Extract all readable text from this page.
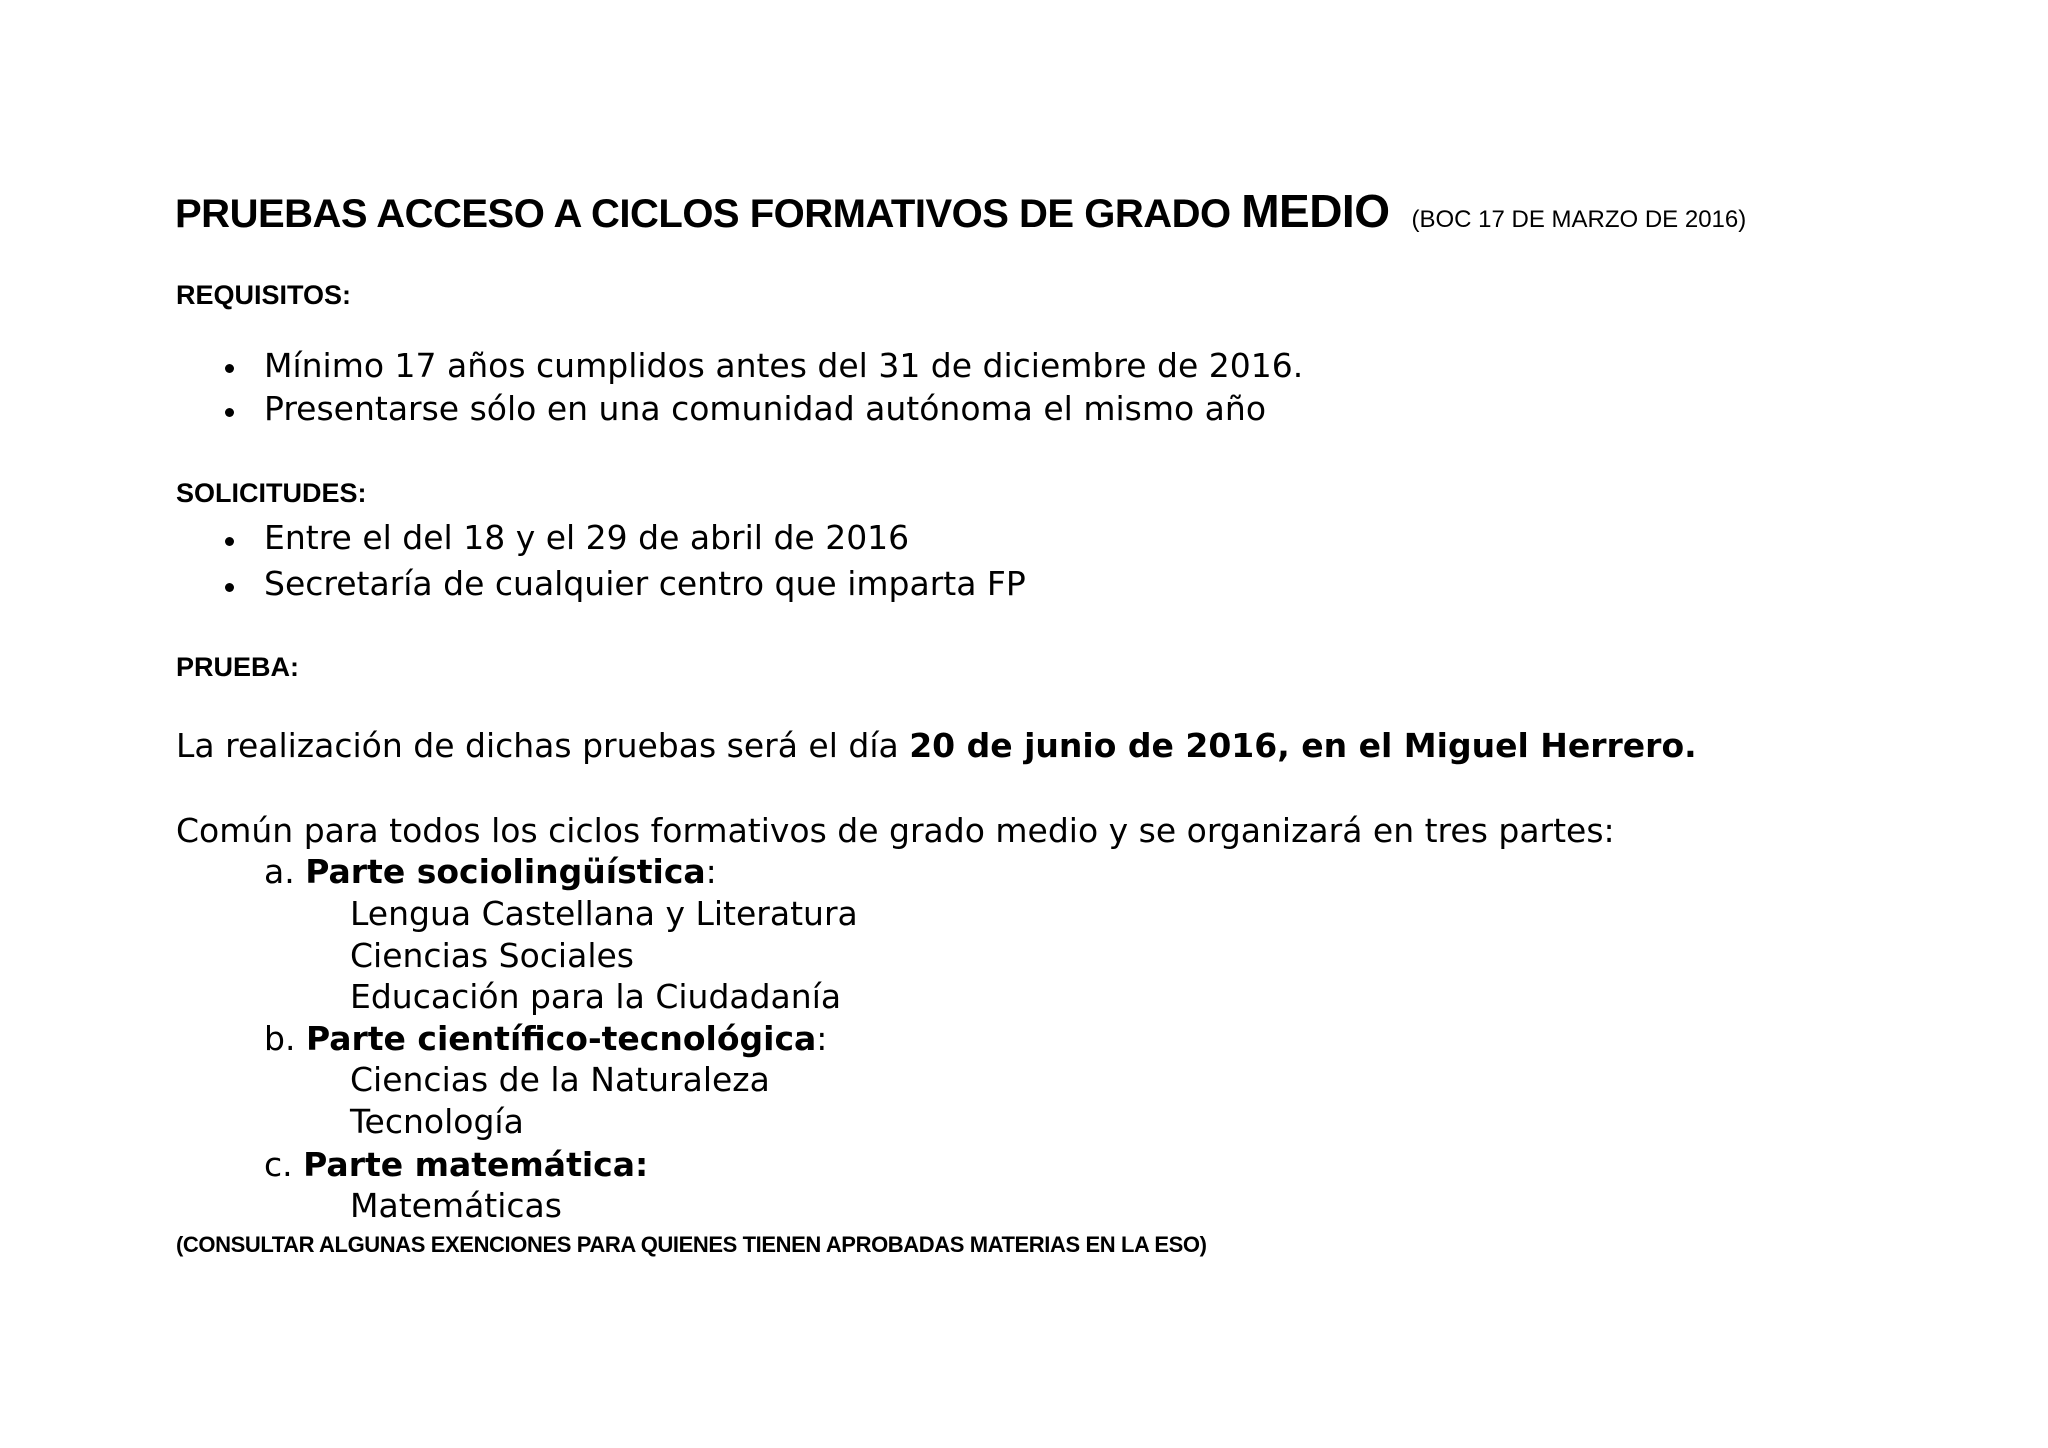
PRUEBAS ACCESO A CICLOS FORMATIVOS DE GRADO MEDIO (BOC 17 DE MARZO DE 2016)
REQUISITOS:
Mínimo 17 años cumplidos antes del 31 de diciembre de 2016.
Presentarse sólo en una comunidad autónoma el mismo año
SOLICITUDES:
Entre el del 18 y el 29 de abril de 2016
Secretaría de cualquier centro que imparta FP
PRUEBA:
La realización de dichas pruebas será el día 20 de junio de 2016, en el Miguel Herrero.
Común para todos los ciclos formativos de grado medio y se organizará en tres partes:
a. Parte sociolingüística:
Lengua Castellana y Literatura
Ciencias Sociales
Educación para la Ciudadanía
b. Parte científico-tecnológica:
Ciencias de la Naturaleza
Tecnología
c. Parte matemática:
Matemáticas
(CONSULTAR ALGUNAS EXENCIONES PARA QUIENES TIENEN APROBADAS MATERIAS EN LA ESO)
